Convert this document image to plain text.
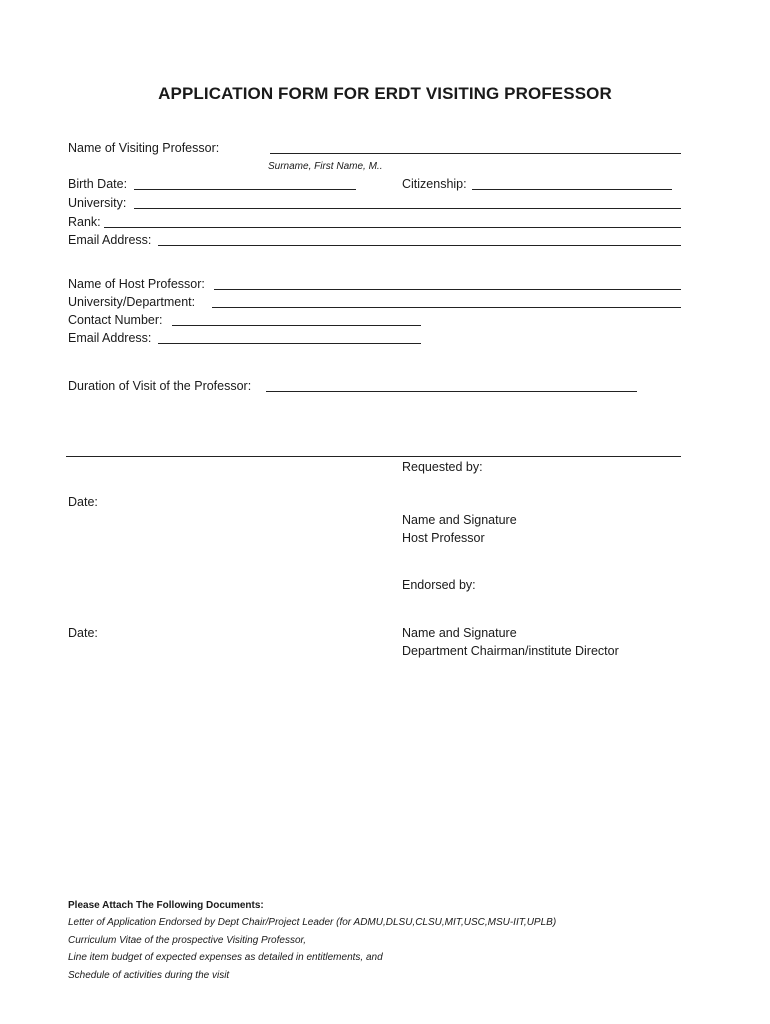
APPLICATION FORM FOR ERDT VISITING PROFESSOR
Name of Visiting Professor:
Surname, First Name, M..
Birth Date:	Citizenship:
University:
Rank:
Email Address:
Name of Host Professor:
University/Department:
Contact Number:
Email Address:
Duration of Visit of the Professor:
Requested by:
Date:
Name and Signature
Host Professor
Endorsed by:
Date:	Name and Signature
Department Chairman/institute Director
Please Attach The Following Documents:
Letter of Application Endorsed by Dept Chair/Project Leader (for ADMU,DLSU,CLSU,MIT,USC,MSU-IIT,UPLB)
Curriculum Vitae of the prospective Visiting Professor,
Line item budget of expected expenses as detailed in entitlements, and
Schedule of activities during the visit
